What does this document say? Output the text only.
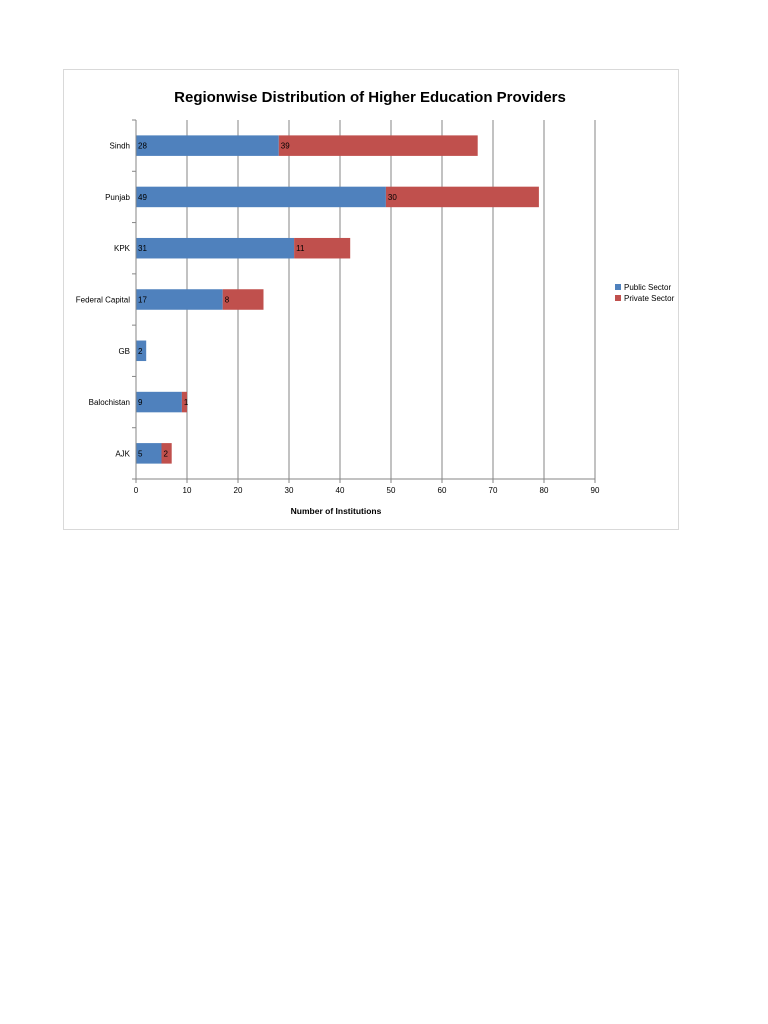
Regionwise Distribution of Higher Education Providers
28	39
49	30
31	11
17	8
2
9	1
5	2
0	10	20	30	40	50	60	70	80	90
Sindh
Punjab
KPK
Federal Capital
GB
Balochistan
AJK
Number of Institutions
Public Sector
Private Sector
